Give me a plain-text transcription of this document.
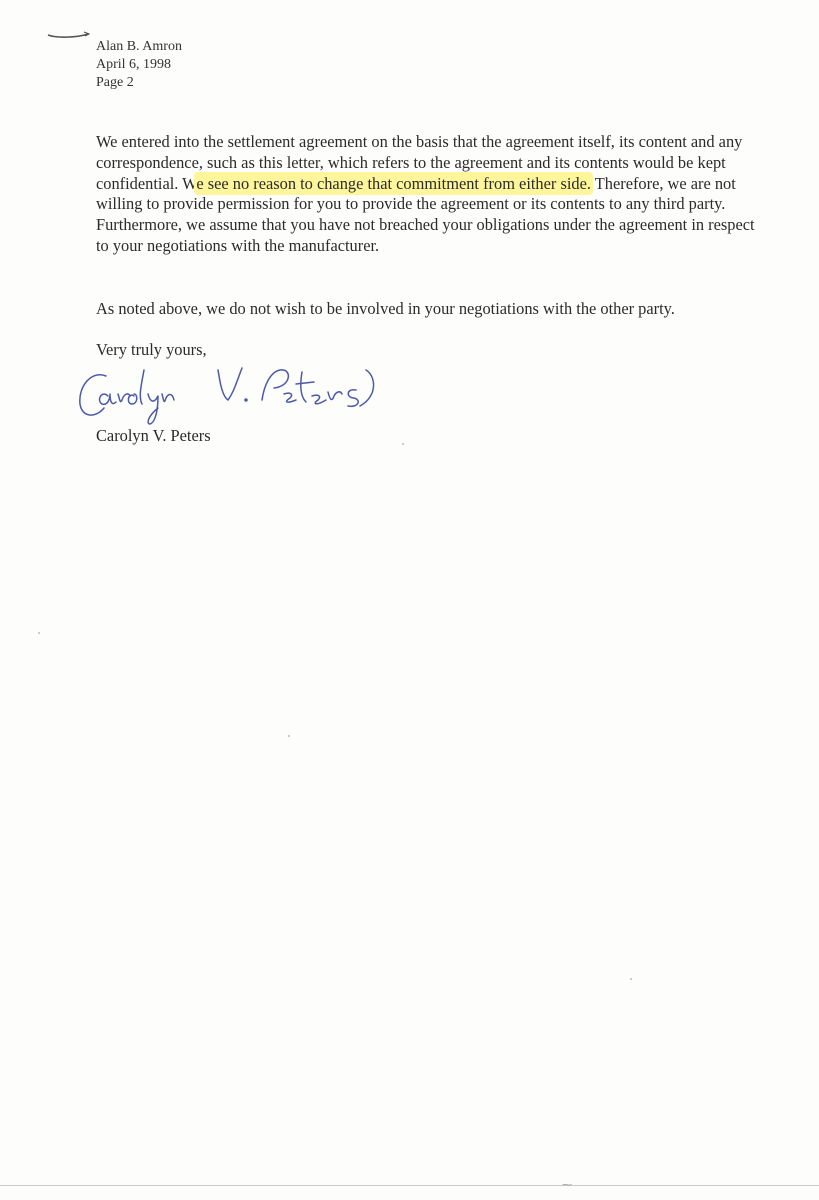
Alan B. Amron
April 6, 1998
Page 2
We entered into the settlement agreement on the basis that the agreement itself, its content and any correspondence, such as this letter, which refers to the agreement and its contents would be kept confidential. We see no reason to change that commitment from either side. Therefore, we are not willing to provide permission for you to provide the agreement or its contents to any third party. Furthermore, we assume that you have not breached your obligations under the agreement in respect to your negotiations with the manufacturer.
As noted above, we do not wish to be involved in your negotiations with the other party.
Very truly yours,
Carolyn V. Peters
⁓
